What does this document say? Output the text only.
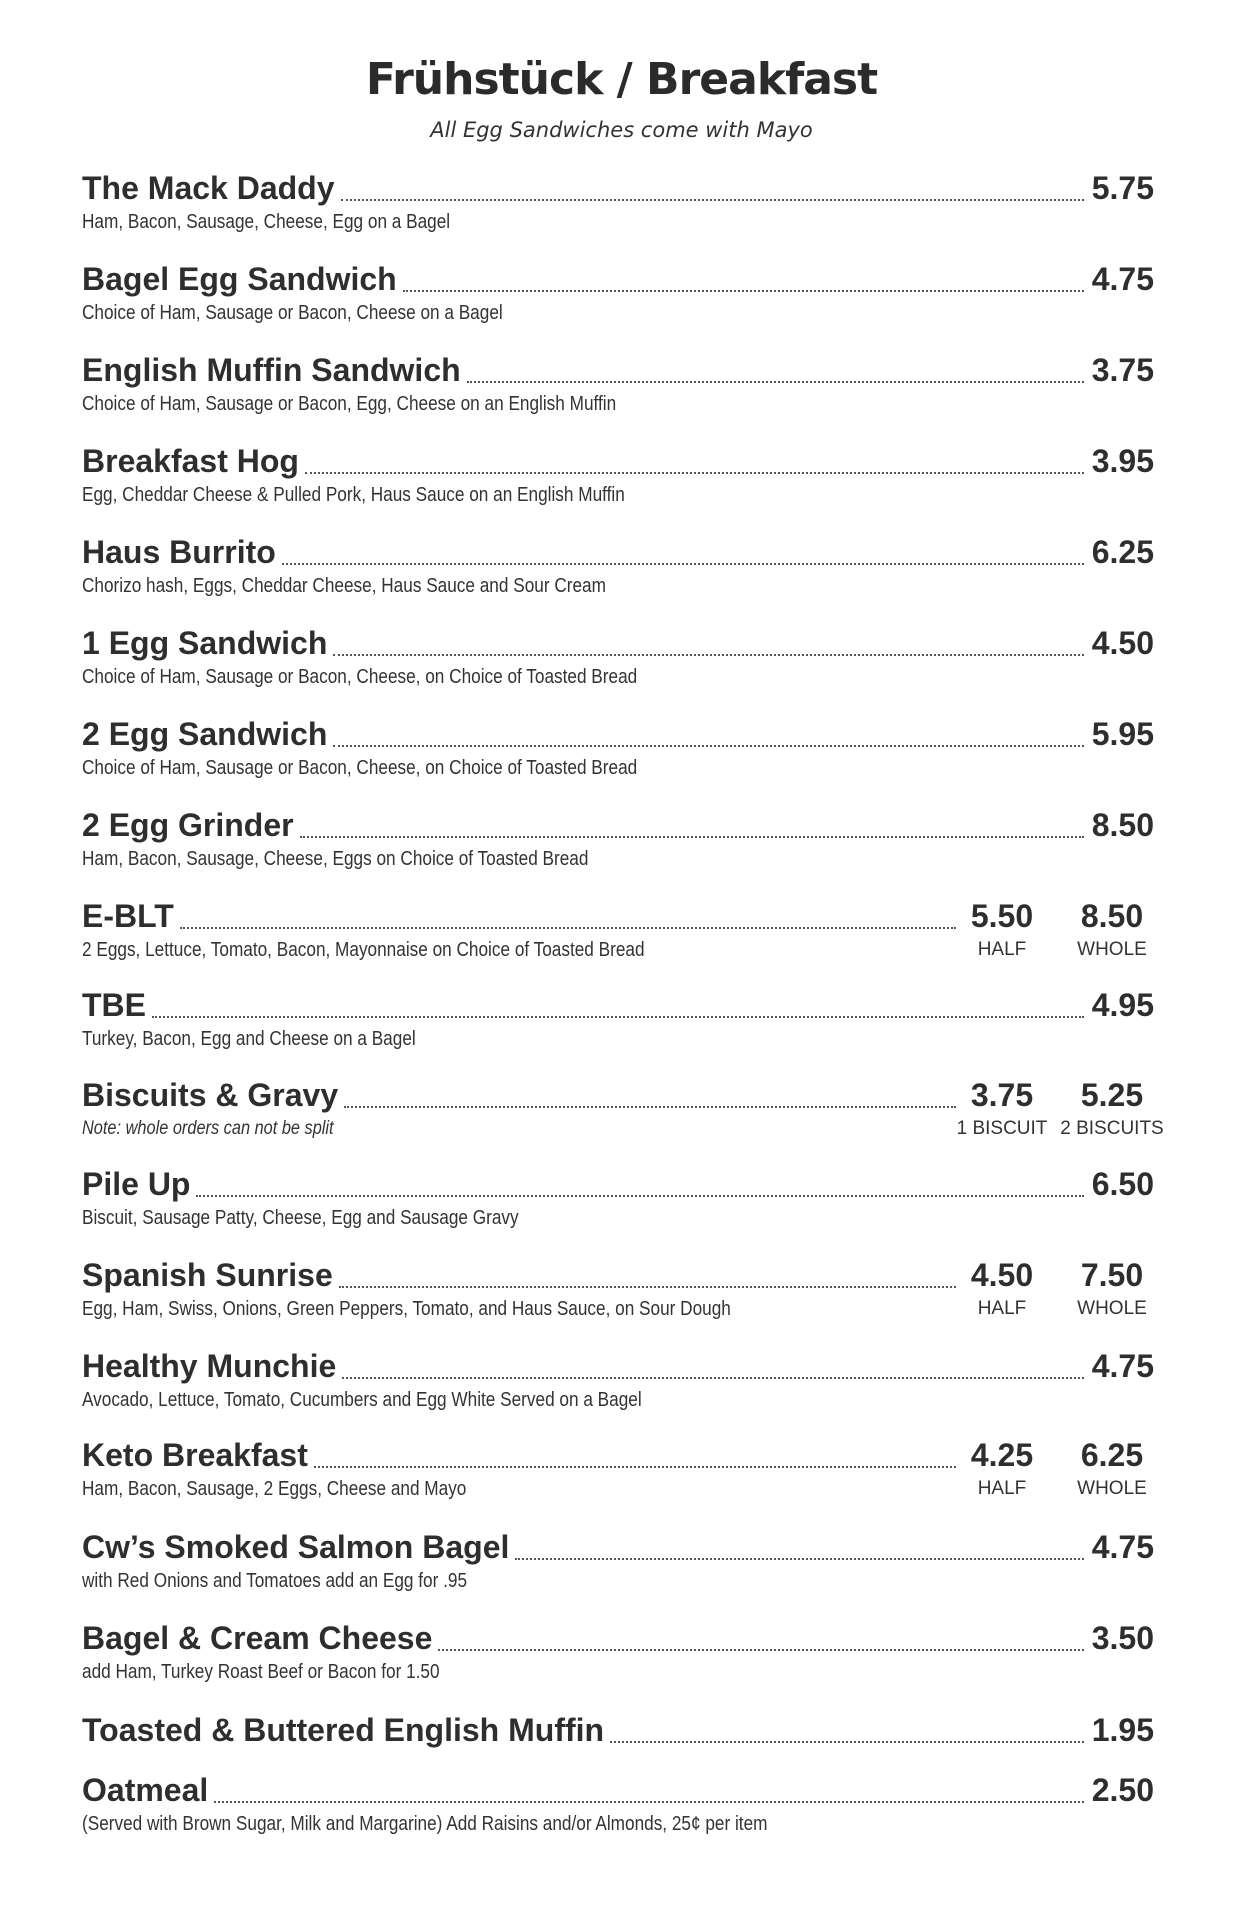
Frühstück / Breakfast
All Egg Sandwiches come with Mayo
The Mack Daddy	5.75
Ham, Bacon, Sausage, Cheese, Egg on a Bagel
Bagel Egg Sandwich	4.75
Choice of Ham, Sausage or Bacon, Cheese on a Bagel
English Muffin Sandwich	3.75
Choice of Ham, Sausage or Bacon, Egg, Cheese on an English Muffin
Breakfast Hog	3.95
Egg, Cheddar Cheese & Pulled Pork, Haus Sauce on an English Muffin
Haus Burrito	6.25
Chorizo hash, Eggs, Cheddar Cheese, Haus Sauce and Sour Cream
1 Egg Sandwich	4.50
Choice of Ham, Sausage or Bacon, Cheese, on Choice of Toasted Bread
2 Egg Sandwich	5.95
Choice of Ham, Sausage or Bacon, Cheese, on Choice of Toasted Bread
2 Egg Grinder	8.50
Ham, Bacon, Sausage, Cheese, Eggs on Choice of Toasted Bread
E-BLT	5.50	8.50
HALF	WHOLE
2 Eggs, Lettuce, Tomato, Bacon, Mayonnaise on Choice of Toasted Bread
TBE	4.95
Turkey, Bacon, Egg and Cheese on a Bagel
Biscuits & Gravy	3.75	5.25
1 BISCUIT 2 BISCUITS
Note: whole orders can not be split
Pile Up	6.50
Biscuit, Sausage Patty, Cheese, Egg and Sausage Gravy
Spanish Sunrise	4.50	7.50
HALF	WHOLE
Egg, Ham, Swiss, Onions, Green Peppers, Tomato, and Haus Sauce, on Sour Dough
Healthy Munchie	4.75
Avocado, Lettuce, Tomato, Cucumbers and Egg White Served on a Bagel
Keto Breakfast	4.25	6.25
HALF	WHOLE
Ham, Bacon, Sausage, 2 Eggs, Cheese and Mayo
Cw’s Smoked Salmon Bagel	4.75
with Red Onions and Tomatoes add an Egg for .95
Bagel & Cream Cheese	3.50
add Ham, Turkey Roast Beef or Bacon for 1.50
Toasted & Buttered English Muffin	1.95
Oatmeal	2.50
(Served with Brown Sugar, Milk and Margarine) Add Raisins and/or Almonds, 25¢ per item
